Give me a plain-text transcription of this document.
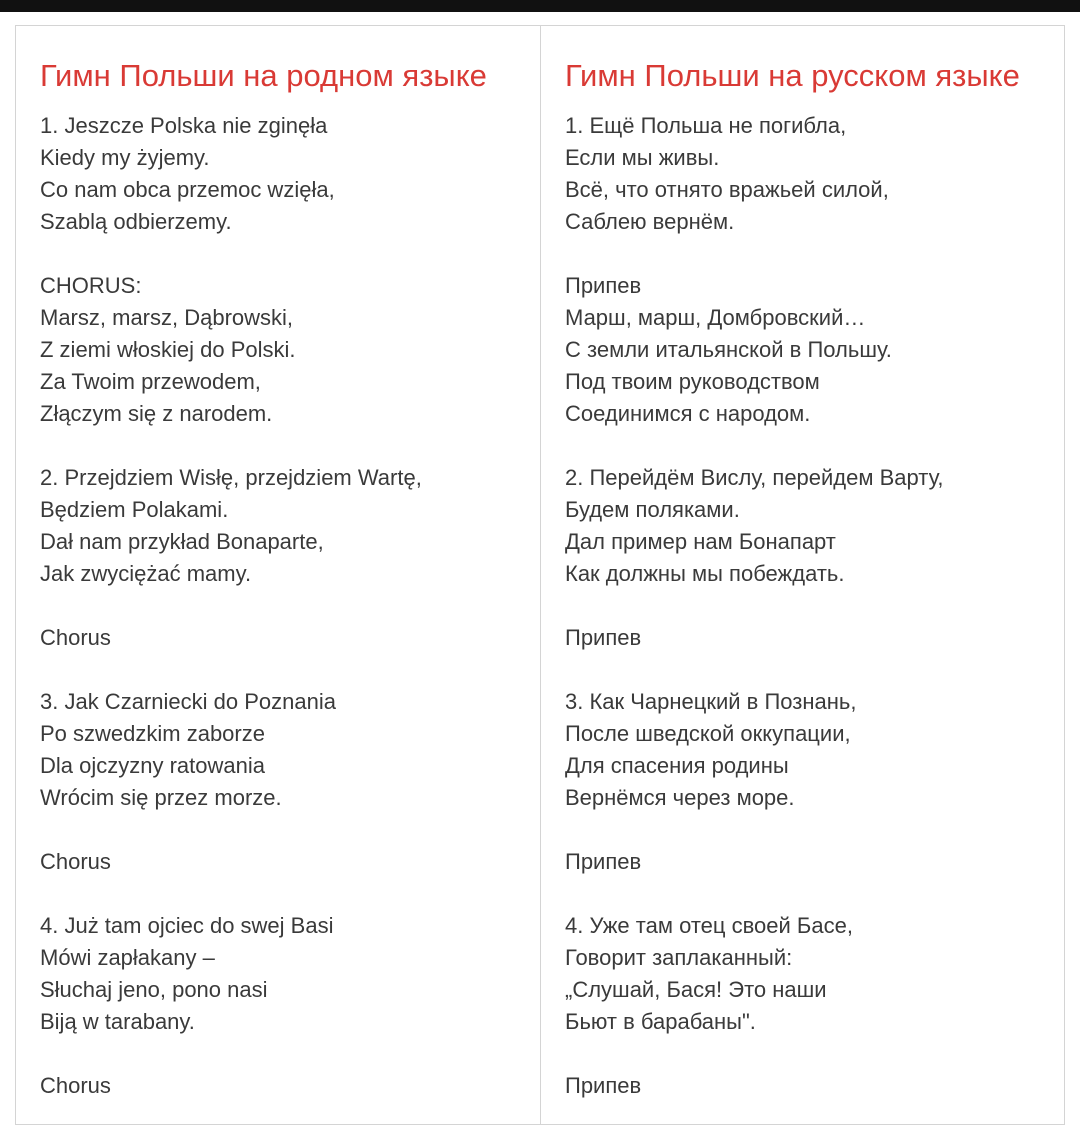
Гимн Польши на родном языке
1. Jeszcze Polska nie zginęła
Kiedy my żyjemy.
Co nam obca przemoc wzięła,
Szablą odbierzemy.
CHORUS:
Marsz, marsz, Dąbrowski,
Z ziemi włoskiej do Polski.
Za Twoim przewodem,
Złączym się z narodem.
2. Przejdziem Wisłę, przejdziem Wartę,
Będziem Polakami.
Dał nam przykład Bonaparte,
Jak zwyciężać mamy.
Chorus
3. Jak Czarniecki do Poznania
Po szwedzkim zaborze
Dla ojczyzny ratowania
Wrócim się przez morze.
Chorus
4. Już tam ojciec do swej Basi
Mówi zapłakany –
Słuchaj jeno, pono nasi
Biją w tarabany.
Chorus
Гимн Польши на русском языке
1. Ещё Польша не погибла,
Если мы живы.
Всё, что отнято вражьей силой,
Саблею вернём.
Припев
Марш, марш, Домбровский…
С земли итальянской в Польшу.
Под твоим руководством
Соединимся с народом.
2. Перейдём Вислу, перейдем Варту,
Будем поляками.
Дал пример нам Бонапарт
Как должны мы побеждать.
Припев
3. Как Чарнецкий в Познань,
После шведской оккупации,
Для спасения родины
Вернёмся через море.
Припев
4. Уже там отец своей Басе,
Говорит заплаканный:
„Слушай, Бася! Это наши
Бьют в барабаны".
Припев
